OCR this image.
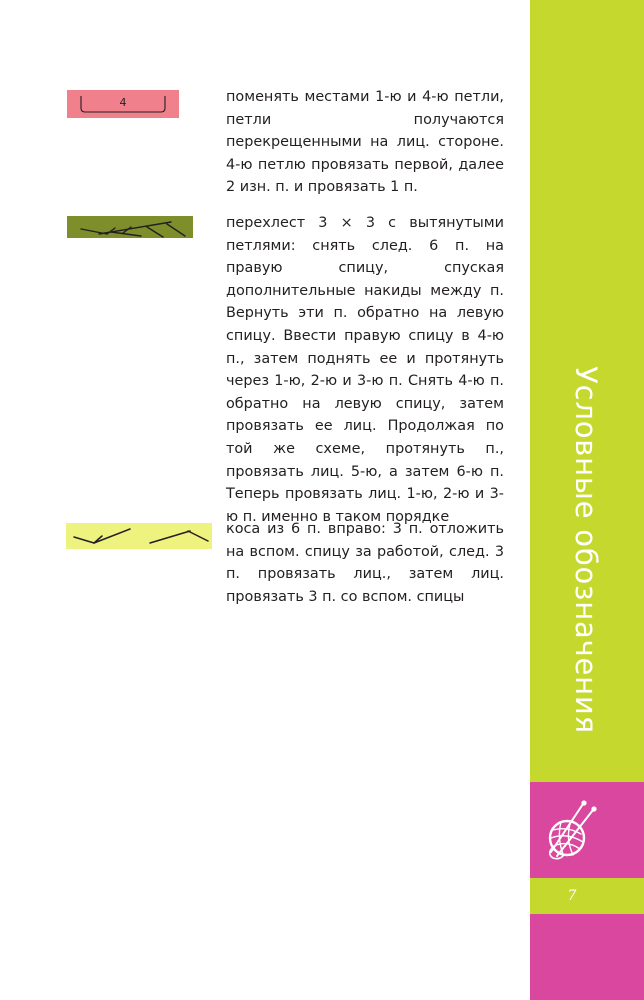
4	поменять местами 1-ю и 4-ю петли, петли получаются перекрещенными на лиц. стороне. 4-ю петлю провязать первой, далее 2 изн. п. и провязать 1 п.
перехлест 3 × 3 с вытянутыми петлями: снять след. 6 п. на правую спицу, спуская дополнительные накиды между п. Вернуть эти п. обратно на левую спицу. Ввести правую спицу в 4-ю п., затем поднять ее и протянуть через 1-ю, 2-ю и 3-ю п. Снять 4-ю п. обратно на левую спицу, затем провязать ее лиц. Продолжая по той же схеме, протянуть п., провязать лиц. 5-ю, а затем 6-ю п. Теперь провязать лиц. 1-ю, 2-ю и 3-ю п. именно в таком порядке
коса из 6 п. вправо: 3 п. отложить на вспом. спицу за работой, след. 3 п. провязать лиц., затем лиц. провязать 3 п. со вспом. спицы	Условные обозначения
7
